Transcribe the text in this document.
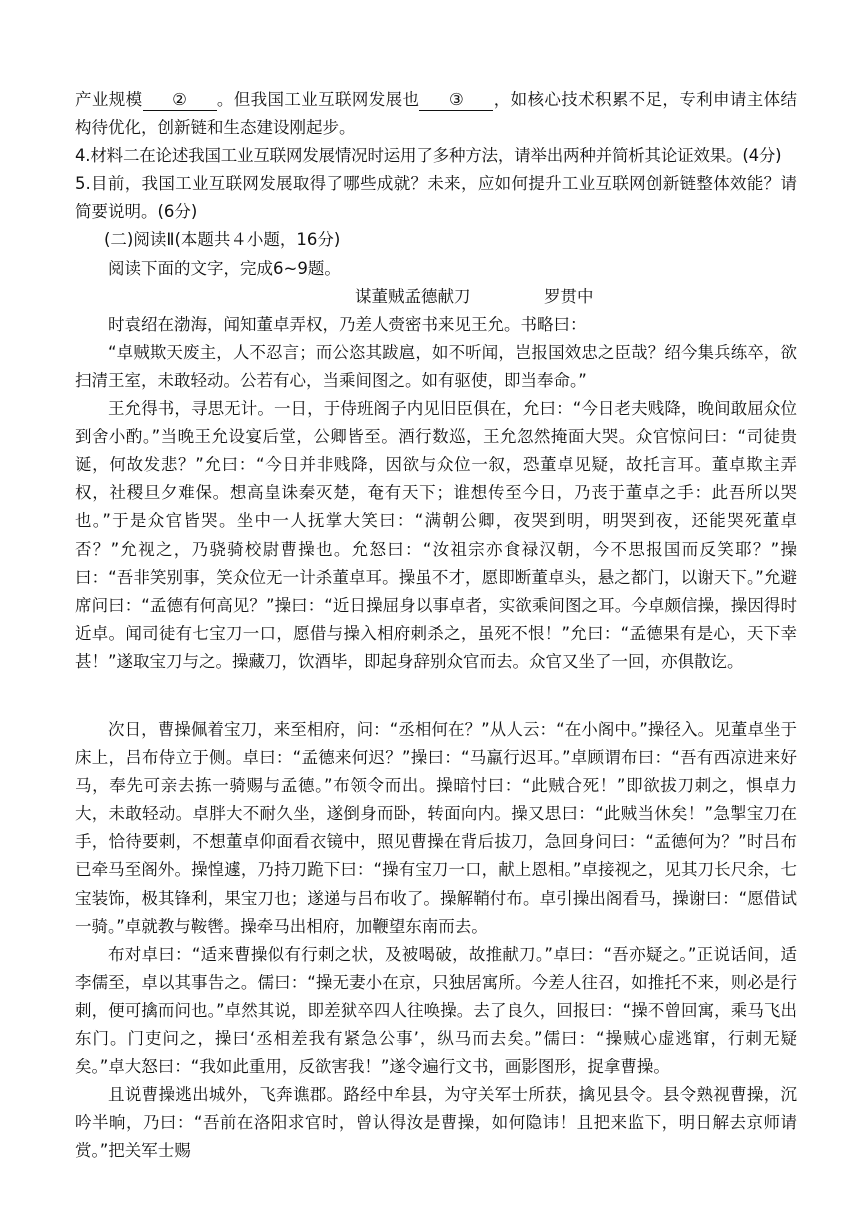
产业规模 ② 。但我国工业互联网发展也 ③ ，如核心技术积累不足，专利申请主体结构待优化，创新链和生态建设刚起步。

4.材料二在论述我国工业互联网发展情况时运用了多种方法，请举出两种并简析其论证效果。(4分)

5.目前，我国工业互联网发展取得了哪些成就？未来，应如何提升工业互联网创新链整体效能？请简要说明。(6分)

(二)阅读Ⅱ(本题共４小题，16分)

阅读下面的文字，完成6~9题。

谋董贼孟德献刀	罗贯中

时袁绍在渤海，闻知董卓弄权，乃差人赍密书来见王允。书略曰：

“卓贼欺天废主，人不忍言；而公恣其跋扈，如不听闻，岂报国效忠之臣哉？绍今集兵练卒，欲扫清王室，未敢轻动。公若有心，当乘间图之。如有驱使，即当奉命。”

王允得书，寻思无计。一日，于侍班阁子内见旧臣俱在，允曰：“今日老夫贱降，晚间敢屈众位到舍小酌。”当晚王允设宴后堂，公卿皆至。酒行数巡，王允忽然掩面大哭。众官惊问曰：“司徒贵诞，何故发悲？”允曰：“今日并非贱降，因欲与众位一叙，恐董卓见疑，故托言耳。董卓欺主弄权，社稷旦夕难保。想高皇诛秦灭楚，奄有天下；谁想传至今日，乃丧于董卓之手：此吾所以哭也。”于是众官皆哭。坐中一人抚掌大笑曰：“满朝公卿，夜哭到明，明哭到夜，还能哭死董卓否？”允视之，乃骁骑校尉曹操也。允怒曰：“汝祖宗亦食禄汉朝，今不思报国而反笑耶？”操曰：“吾非笑别事，笑众位无一计杀董卓耳。操虽不才，愿即断董卓头，悬之都门，以谢天下。”允避席问曰：“孟德有何高见？”操曰：“近日操屈身以事卓者，实欲乘间图之耳。今卓颇信操，操因得时近卓。闻司徒有七宝刀一口，愿借与操入相府刺杀之，虽死不恨！”允曰：“孟德果有是心，天下幸甚！”遂取宝刀与之。操藏刀，饮酒毕，即起身辞别众官而去。众官又坐了一回，亦俱散讫。

次日，曹操佩着宝刀，来至相府，问：“丞相何在？”从人云：“在小阁中。”操径入。见董卓坐于床上，吕布侍立于侧。卓曰：“孟德来何迟？”操曰：“马羸行迟耳。”卓顾谓布曰：“吾有西凉进来好马，奉先可亲去拣一骑赐与孟德。”布领令而出。操暗忖曰：“此贼合死！”即欲拔刀刺之，惧卓力大，未敢轻动。卓胖大不耐久坐，遂倒身而卧，转面向内。操又思曰：“此贼当休矣！”急掣宝刀在手，恰待要刺，不想董卓仰面看衣镜中，照见曹操在背后拔刀，急回身问曰：“孟德何为？”时吕布已牵马至阁外。操惶遽，乃持刀跪下曰：“操有宝刀一口，献上恩相。”卓接视之，见其刀长尺余，七宝装饰，极其锋利，果宝刀也；遂递与吕布收了。操解鞘付布。卓引操出阁看马，操谢曰：“愿借试一骑。”卓就教与鞍辔。操牵马出相府，加鞭望东南而去。

布对卓曰：“适来曹操似有行刺之状，及被喝破，故推献刀。”卓曰：“吾亦疑之。”正说话间，适李儒至，卓以其事告之。儒曰：“操无妻小在京，只独居寓所。今差人往召，如推托不来，则必是行刺，便可擒而问也。”卓然其说，即差狱卒四人往唤操。去了良久，回报曰：“操不曾回寓，乘马飞出东门。门吏问之，操曰‘丞相差我有紧急公事’，纵马而去矣。”儒曰：“操贼心虚逃窜，行刺无疑矣。”卓大怒曰：“我如此重用，反欲害我！”遂令遍行文书，画影图形，捉拿曹操。

且说曹操逃出城外，飞奔谯郡。路经中牟县，为守关军士所获，擒见县令。县令熟视曹操，沉吟半晌，乃曰：“吾前在洛阳求官时，曾认得汝是曹操，如何隐讳！且把来监下，明日解去京师请赏。”把关军士赐
